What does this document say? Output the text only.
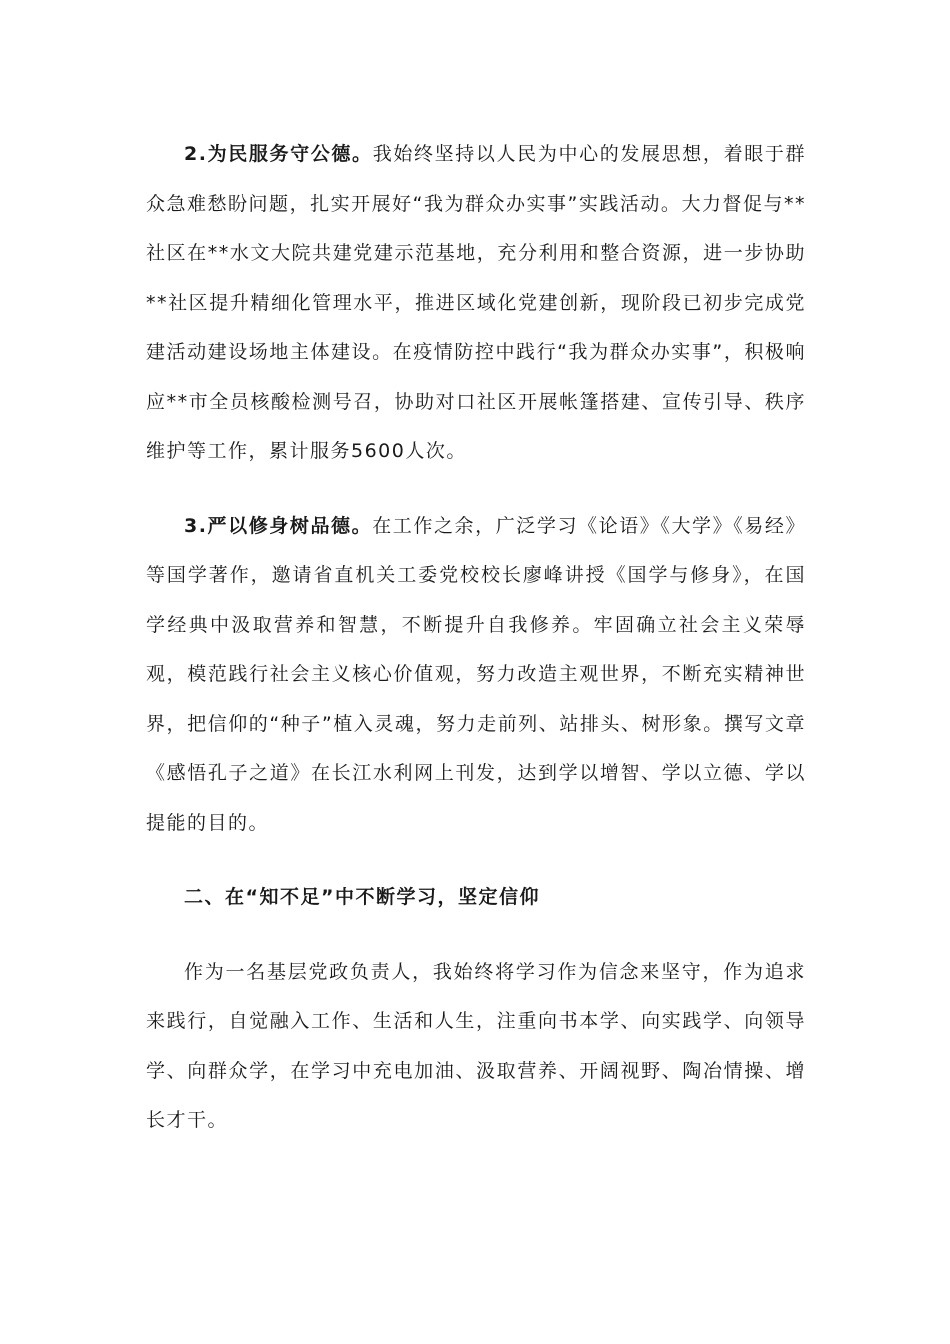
2.为民服务守公德。我始终坚持以人民为中心的发展思想，着眼于群众急难愁盼问题，扎实开展好“我为群众办实事”实践活动。大力督促与**社区在**水文大院共建党建示范基地，充分利用和整合资源，进一步协助**社区提升精细化管理水平，推进区域化党建创新，现阶段已初步完成党建活动建设场地主体建设。在疫情防控中践行“我为群众办实事”，积极响应**市全员核酸检测号召，协助对口社区开展帐篷搭建、宣传引导、秩序维护等工作，累计服务5600人次。

3.严以修身树品德。在工作之余，广泛学习《论语》《大学》《易经》等国学著作，邀请省直机关工委党校校长廖峰讲授《国学与修身》，在国学经典中汲取营养和智慧，不断提升自我修养。牢固确立社会主义荣辱观，模范践行社会主义核心价值观，努力改造主观世界，不断充实精神世界，把信仰的“种子”植入灵魂，努力走前列、站排头、树形象。撰写文章《感悟孔子之道》在长江水利网上刊发，达到学以增智、学以立德、学以提能的目的。

二、在“知不足”中不断学习，坚定信仰

作为一名基层党政负责人，我始终将学习作为信念来坚守，作为追求来践行，自觉融入工作、生活和人生，注重向书本学、向实践学、向领导学、向群众学，在学习中充电加油、汲取营养、开阔视野、陶冶情操、增长才干。
